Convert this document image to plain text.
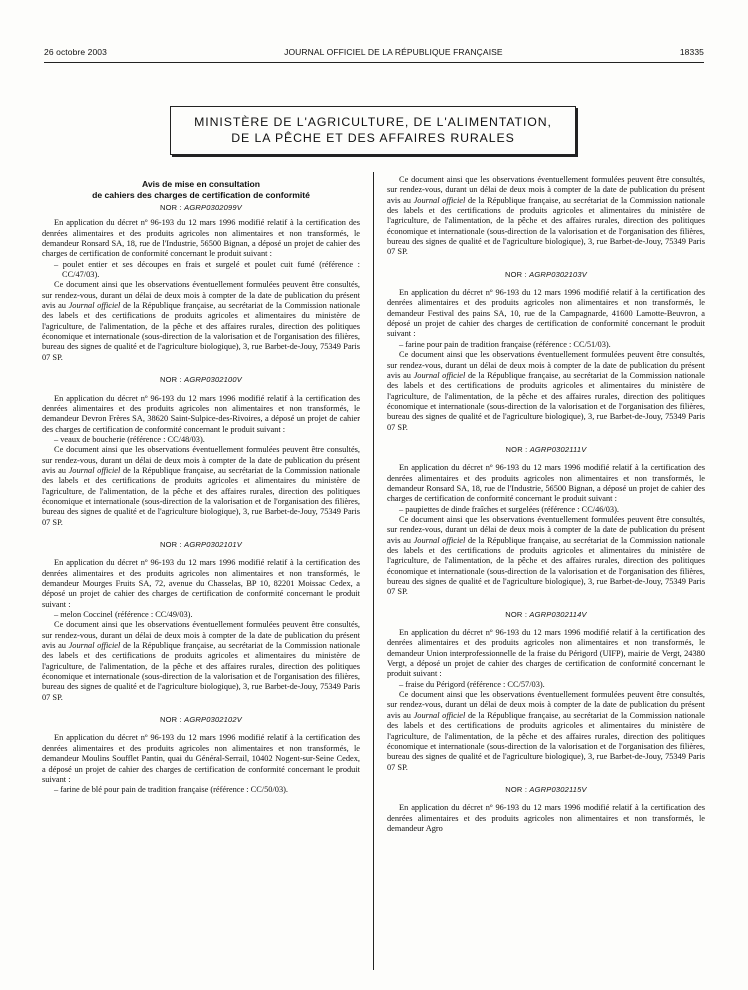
26 octobre 2003	JOURNAL OFFICIEL DE LA RÉPUBLIQUE FRANÇAISE	18335
MINISTÈRE DE L'AGRICULTURE, DE L'ALIMENTATION,
DE LA PÊCHE ET DES AFFAIRES RURALES
Avis de mise en consultation
de cahiers des charges de certification de conformité
NOR : AGRP0302099V

En application du décret nº 96-193 du 12 mars 1996 modifié relatif à la certification des denrées alimentaires et des produits agricoles non alimentaires et non transformés, le demandeur Ronsard SA, 18, rue de l'Industrie, 56500 Bignan, a déposé un projet de cahier des charges de certification de conformité concernant le produit suivant :

– poulet entier et ses découpes en frais et surgelé et poulet cuit fumé (référence : CC/47/03).

Ce document ainsi que les observations éventuellement formulées peuvent être consultés, sur rendez-vous, durant un délai de deux mois à compter de la date de publication du présent avis au Journal officiel de la République française, au secrétariat de la Commission nationale des labels et des certifications de produits agricoles et alimentaires du ministère de l'agriculture, de l'alimentation, de la pêche et des affaires rurales, direction des politiques économique et internationale (sous-direction de la valorisation et de l'organisation des filières, bureau des signes de qualité et de l'agriculture biologique), 3, rue Barbet-de-Jouy, 75349 Paris 07 SP.

NOR : AGRP0302100V

En application du décret nº 96-193 du 12 mars 1996 modifié relatif à la certification des denrées alimentaires et des produits agricoles non alimentaires et non transformés, le demandeur Devron Frères SA, 38620 Saint-Sulpice-des-Rivoires, a déposé un projet de cahier des charges de certification de conformité concernant le produit suivant :

– veaux de boucherie (référence : CC/48/03).

Ce document ainsi que les observations éventuellement formulées peuvent être consultés, sur rendez-vous, durant un délai de deux mois à compter de la date de publication du présent avis au Journal officiel de la République française, au secrétariat de la Commission nationale des labels et des certifications de produits agricoles et alimentaires du ministère de l'agriculture, de l'alimentation, de la pêche et des affaires rurales, direction des politiques économique et internationale (sous-direction de la valorisation et de l'organisation des filières, bureau des signes de qualité et de l'agriculture biologique), 3, rue Barbet-de-Jouy, 75349 Paris 07 SP.

NOR : AGRP0302101V

En application du décret nº 96-193 du 12 mars 1996 modifié relatif à la certification des denrées alimentaires et des produits agricoles non alimentaires et non transformés, le demandeur Mourges Fruits SA, 72, avenue du Chasselas, BP 10, 82201 Moissac Cedex, a déposé un projet de cahier des charges de certification de conformité concernant le produit suivant :

– melon Coccinel (référence : CC/49/03).

Ce document ainsi que les observations éventuellement formulées peuvent être consultés, sur rendez-vous, durant un délai de deux mois à compter de la date de publication du présent avis au Journal officiel de la République française, au secrétariat de la Commission nationale des labels et des certifications de produits agricoles et alimentaires du ministère de l'agriculture, de l'alimentation, de la pêche et des affaires rurales, direction des politiques économique et internationale (sous-direction de la valorisation et de l'organisation des filières, bureau des signes de qualité et de l'agriculture biologique), 3, rue Barbet-de-Jouy, 75349 Paris 07 SP.

NOR : AGRP0302102V

En application du décret nº 96-193 du 12 mars 1996 modifié relatif à la certification des denrées alimentaires et des produits agricoles non alimentaires et non transformés, le demandeur Moulins Soufflet Pantin, quai du Général-Serrail, 10402 Nogent-sur-Seine Cedex, a déposé un projet de cahier des charges de certification de conformité concernant le produit suivant :

– farine de blé pour pain de tradition française (référence : CC/50/03).

Ce document ainsi que les observations éventuellement formulées peuvent être consultés, sur rendez-vous, durant un délai de deux mois à compter de la date de publication du présent avis au Journal officiel de la République française, au secrétariat de la Commission nationale des labels et des certifications de produits agricoles et alimentaires du ministère de l'agriculture, de l'alimentation, de la pêche et des affaires rurales, direction des politiques économique et internationale (sous-direction de la valorisation et de l'organisation des filières, bureau des signes de qualité et de l'agriculture biologique), 3, rue Barbet-de-Jouy, 75349 Paris 07 SP.

NOR : AGRP0302103V

En application du décret nº 96-193 du 12 mars 1996 modifié relatif à la certification des denrées alimentaires et des produits agricoles non alimentaires et non transformés, le demandeur Festival des pains SA, 10, rue de la Campagnarde, 41600 Lamotte-Beuvron, a déposé un projet de cahier des charges de certification de conformité concernant le produit suivant :

– farine pour pain de tradition française (référence : CC/51/03).

Ce document ainsi que les observations éventuellement formulées peuvent être consultés, sur rendez-vous, durant un délai de deux mois à compter de la date de publication du présent avis au Journal officiel de la République française, au secrétariat de la Commission nationale des labels et des certifications de produits agricoles et alimentaires du ministère de l'agriculture, de l'alimentation, de la pêche et des affaires rurales, direction des politiques économique et internationale (sous-direction de la valorisation et de l'organisation des filières, bureau des signes de qualité et de l'agriculture biologique), 3, rue Barbet-de-Jouy, 75349 Paris 07 SP.

NOR : AGRP0302111V

En application du décret nº 96-193 du 12 mars 1996 modifié relatif à la certification des denrées alimentaires et des produits agricoles non alimentaires et non transformés, le demandeur Ronsard SA, 18, rue de l'Industrie, 56500 Bignan, a déposé un projet de cahier des charges de certification de conformité concernant le produit suivant :

– paupiettes de dinde fraîches et surgelées (référence : CC/46/03).

Ce document ainsi que les observations éventuellement formulées peuvent être consultés, sur rendez-vous, durant un délai de deux mois à compter de la date de publication du présent avis au Journal officiel de la République française, au secrétariat de la Commission nationale des labels et des certifications de produits agricoles et alimentaires du ministère de l'agriculture, de l'alimentation, de la pêche et des affaires rurales, direction des politiques économique et internationale (sous-direction de la valorisation et de l'organisation des filières, bureau des signes de qualité et de l'agriculture biologique), 3, rue Barbet-de-Jouy, 75349 Paris 07 SP.

NOR : AGRP0302114V

En application du décret nº 96-193 du 12 mars 1996 modifié relatif à la certification des denrées alimentaires et des produits agricoles non alimentaires et non transformés, le demandeur Union interprofessionnelle de la fraise du Périgord (UIFP), mairie de Vergt, 24380 Vergt, a déposé un projet de cahier des charges de certification de conformité concernant le produit suivant :

– fraise du Périgord (référence : CC/57/03).

Ce document ainsi que les observations éventuellement formulées peuvent être consultés, sur rendez-vous, durant un délai de deux mois à compter de la date de publication du présent avis au Journal officiel de la République française, au secrétariat de la Commission nationale des labels et des certifications de produits agricoles et alimentaires du ministère de l'agriculture, de l'alimentation, de la pêche et des affaires rurales, direction des politiques économique et internationale (sous-direction de la valorisation et de l'organisation des filières, bureau des signes de qualité et de l'agriculture biologique), 3, rue Barbet-de-Jouy, 75349 Paris 07 SP.

NOR : AGRP0302115V

En application du décret nº 96-193 du 12 mars 1996 modifié relatif à la certification des denrées alimentaires et des produits agricoles non alimentaires et non transformés, le demandeur Agro
